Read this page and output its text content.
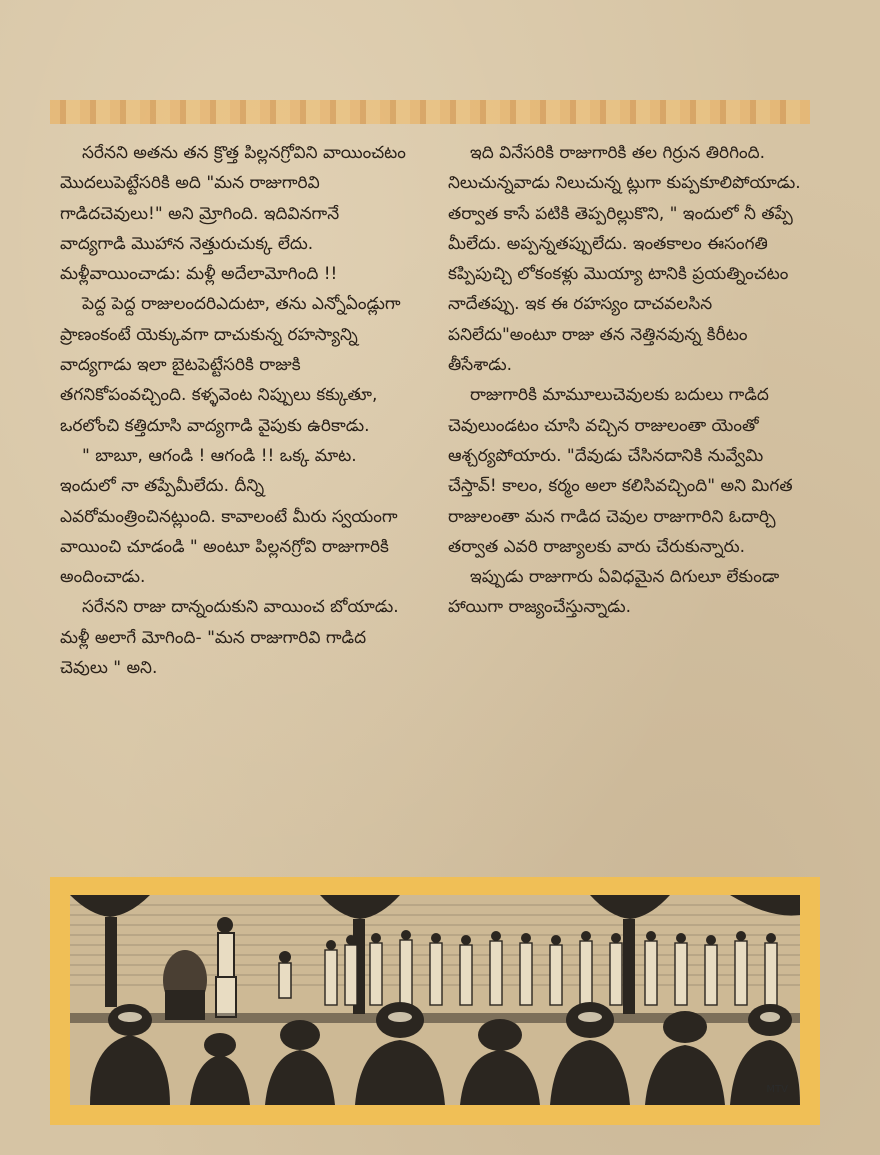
సరేనని అతను తన క్రొత్త పిల్లనగ్రోవిని వాయించటం మొదలుపెట్టేసరికి అది "మన రాజుగారివి గాడిదచెవులు!" అని మ్రోగింది. ఇదివినగానే వాద్యగాడి మొహాన నెత్తురుచుక్క లేదు. మళ్లీవాయించాడు: మళ్లీ అదేలామోగింది !!

పెద్ద పెద్ద రాజులందరిఎదుటా, తను ఎన్నోఏండ్లుగా ప్రాణంకంటే యెక్కువగా దాచుకున్న రహస్యాన్ని వాద్యగాడు ఇలా బైటపెట్టేసరికి రాజుకి తగనికోపంవచ్చింది. కళ్ళవెంట నిప్పులు కక్కుతూ, ఒరలోంచి కత్తిదూసి వాద్యగాడి వైపుకు ఉరికాడు.

" బాబూ, ఆగండి ! ఆగండి !! ఒక్క మాట. ఇందులో నా తప్పేమీలేదు. దీన్ని ఎవరోమంత్రించినట్లుంది. కావాలంటే మీరు స్వయంగా వాయించి చూడండి " అంటూ పిల్లనగ్రోవి రాజుగారికి అందించాడు.

సరేనని రాజు దాన్నందుకుని వాయించ బోయాడు. మళ్లీ అలాగే మోగింది- "మన రాజుగారివి గాడిద చెవులు " అని.

ఇది వినేసరికి రాజుగారికి తల గిర్రున తిరిగింది. నిలుచున్నవాడు నిలుచున్న ట్లుగా కుప్పకూలిపోయాడు. తర్వాత కాసే పటికి తెప్పరిల్లుకొని, " ఇందులో నీ తప్పే మీలేదు. అప్పన్నతప్పులేదు. ఇంతకాలం ఈసంగతి కప్పిపుచ్చి లోకంకళ్లు మొయ్యా టానికి ప్రయత్నించటం నాదేతప్పు. ఇక ఈ రహస్యం దాచవలసిన పనిలేదు"అంటూ రాజు తన నెత్తినవున్న కిరీటం తీసేశాడు.

రాజుగారికి మామూలుచెవులకు బదులు గాడిద చెవులుండటం చూసి వచ్చిన రాజులంతా యెంతో ఆశ్చర్యపోయారు. "దేవుడు చేసినదానికి నువ్వేమి చేస్తావ్! కాలం, కర్మం అలా కలిసివచ్చింది" అని మిగత రాజులంతా మన గాడిద చెవుల రాజుగారిని ఓదార్చి తర్వాత ఎవరి రాజ్యాలకు వారు చేరుకున్నారు.

ఇప్పుడు రాజుగారు ఏవిధమైన దిగులూ లేకుండా హాయిగా రాజ్యంచేస్తున్నాడు.

MTV
